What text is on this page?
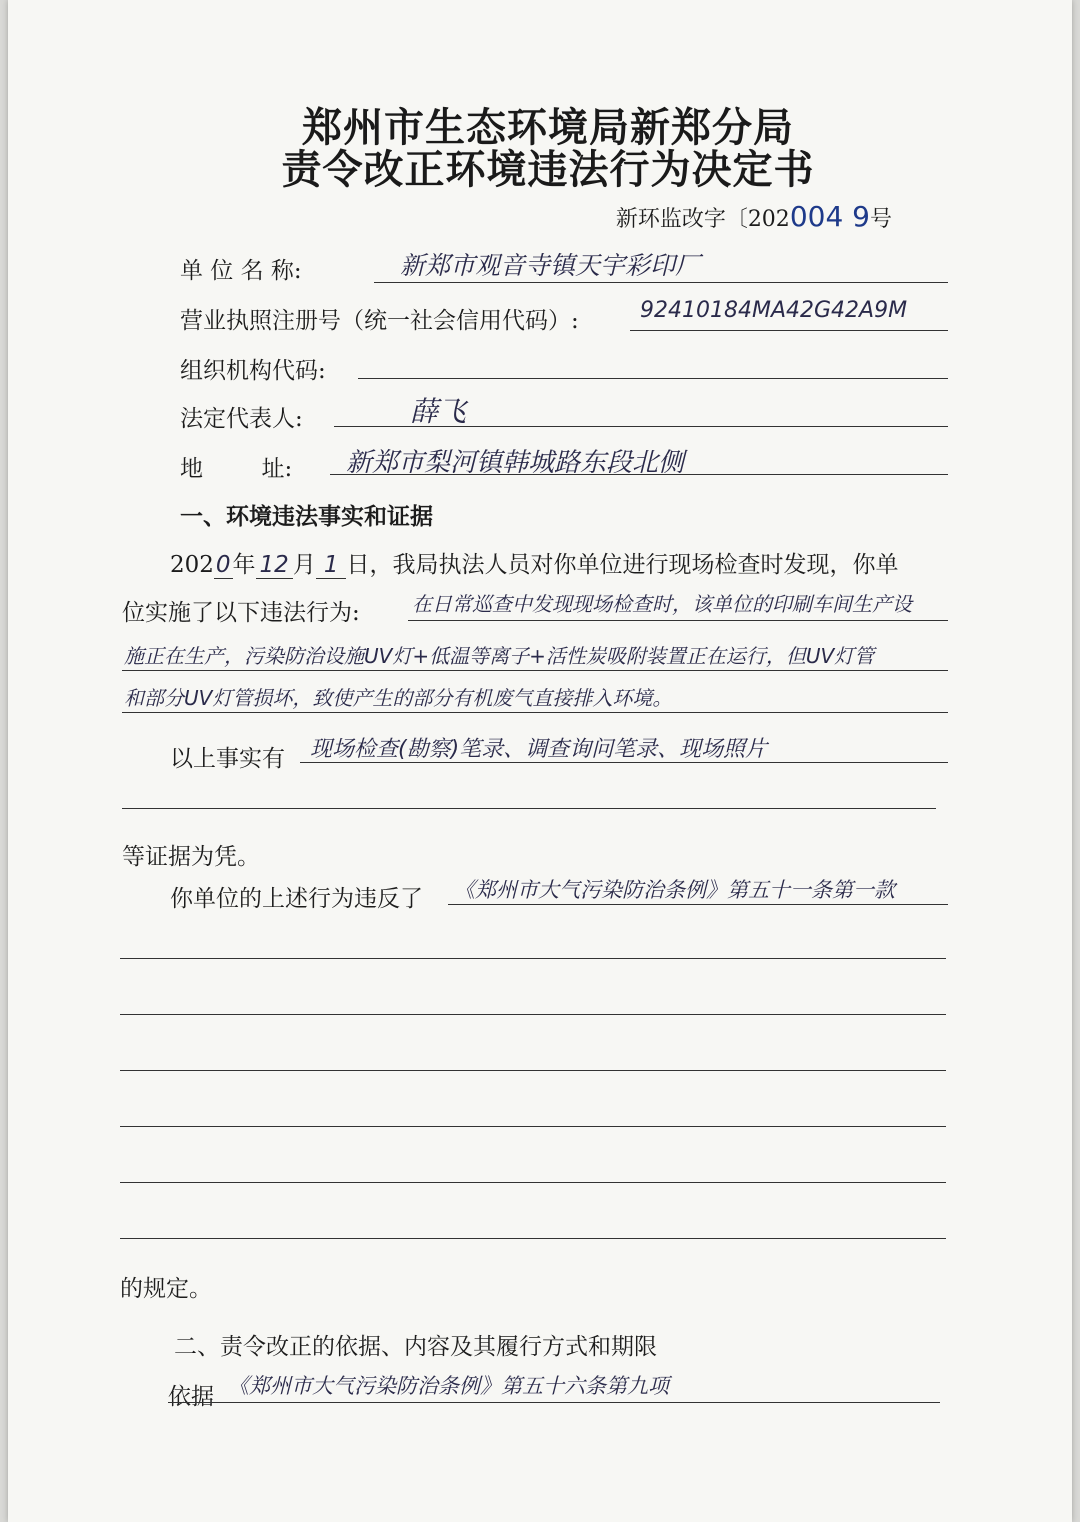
郑州市生态环境局新郑分局
责令改正环境违法行为决定书
新环监改字〔202004 9号
单 位 名 称:	新郑市观音寺镇天宇彩印厂
营业执照注册号（统一社会信用代码）:	92410184MA42G42A9M
组织机构代码:
法定代表人:	薛飞
地        址: 新郑市梨河镇韩城路东段北侧
一、环境违法事实和证据
2020年 12 月 1 日，我局执法人员对你单位进行现场检查时发现，你单
位实施了以下违法行为:	在日常巡查中发现现场检查时，该单位的印刷车间生产设
施正在生产，污染防治设施UV灯+低温等离子+活性炭吸附装置正在运行，但UV灯管
和部分UV灯管损坏，致使产生的部分有机废气直接排入环境。
以上事实有 现场检查(勘察)笔录、调查询问笔录、现场照片
等证据为凭。
你单位的上述行为违反了 《郑州市大气污染防治条例》第五十一条第一款
的规定。
二、责令改正的依据、内容及其履行方式和期限
依据 《郑州市大气污染防治条例》第五十六条第九项
